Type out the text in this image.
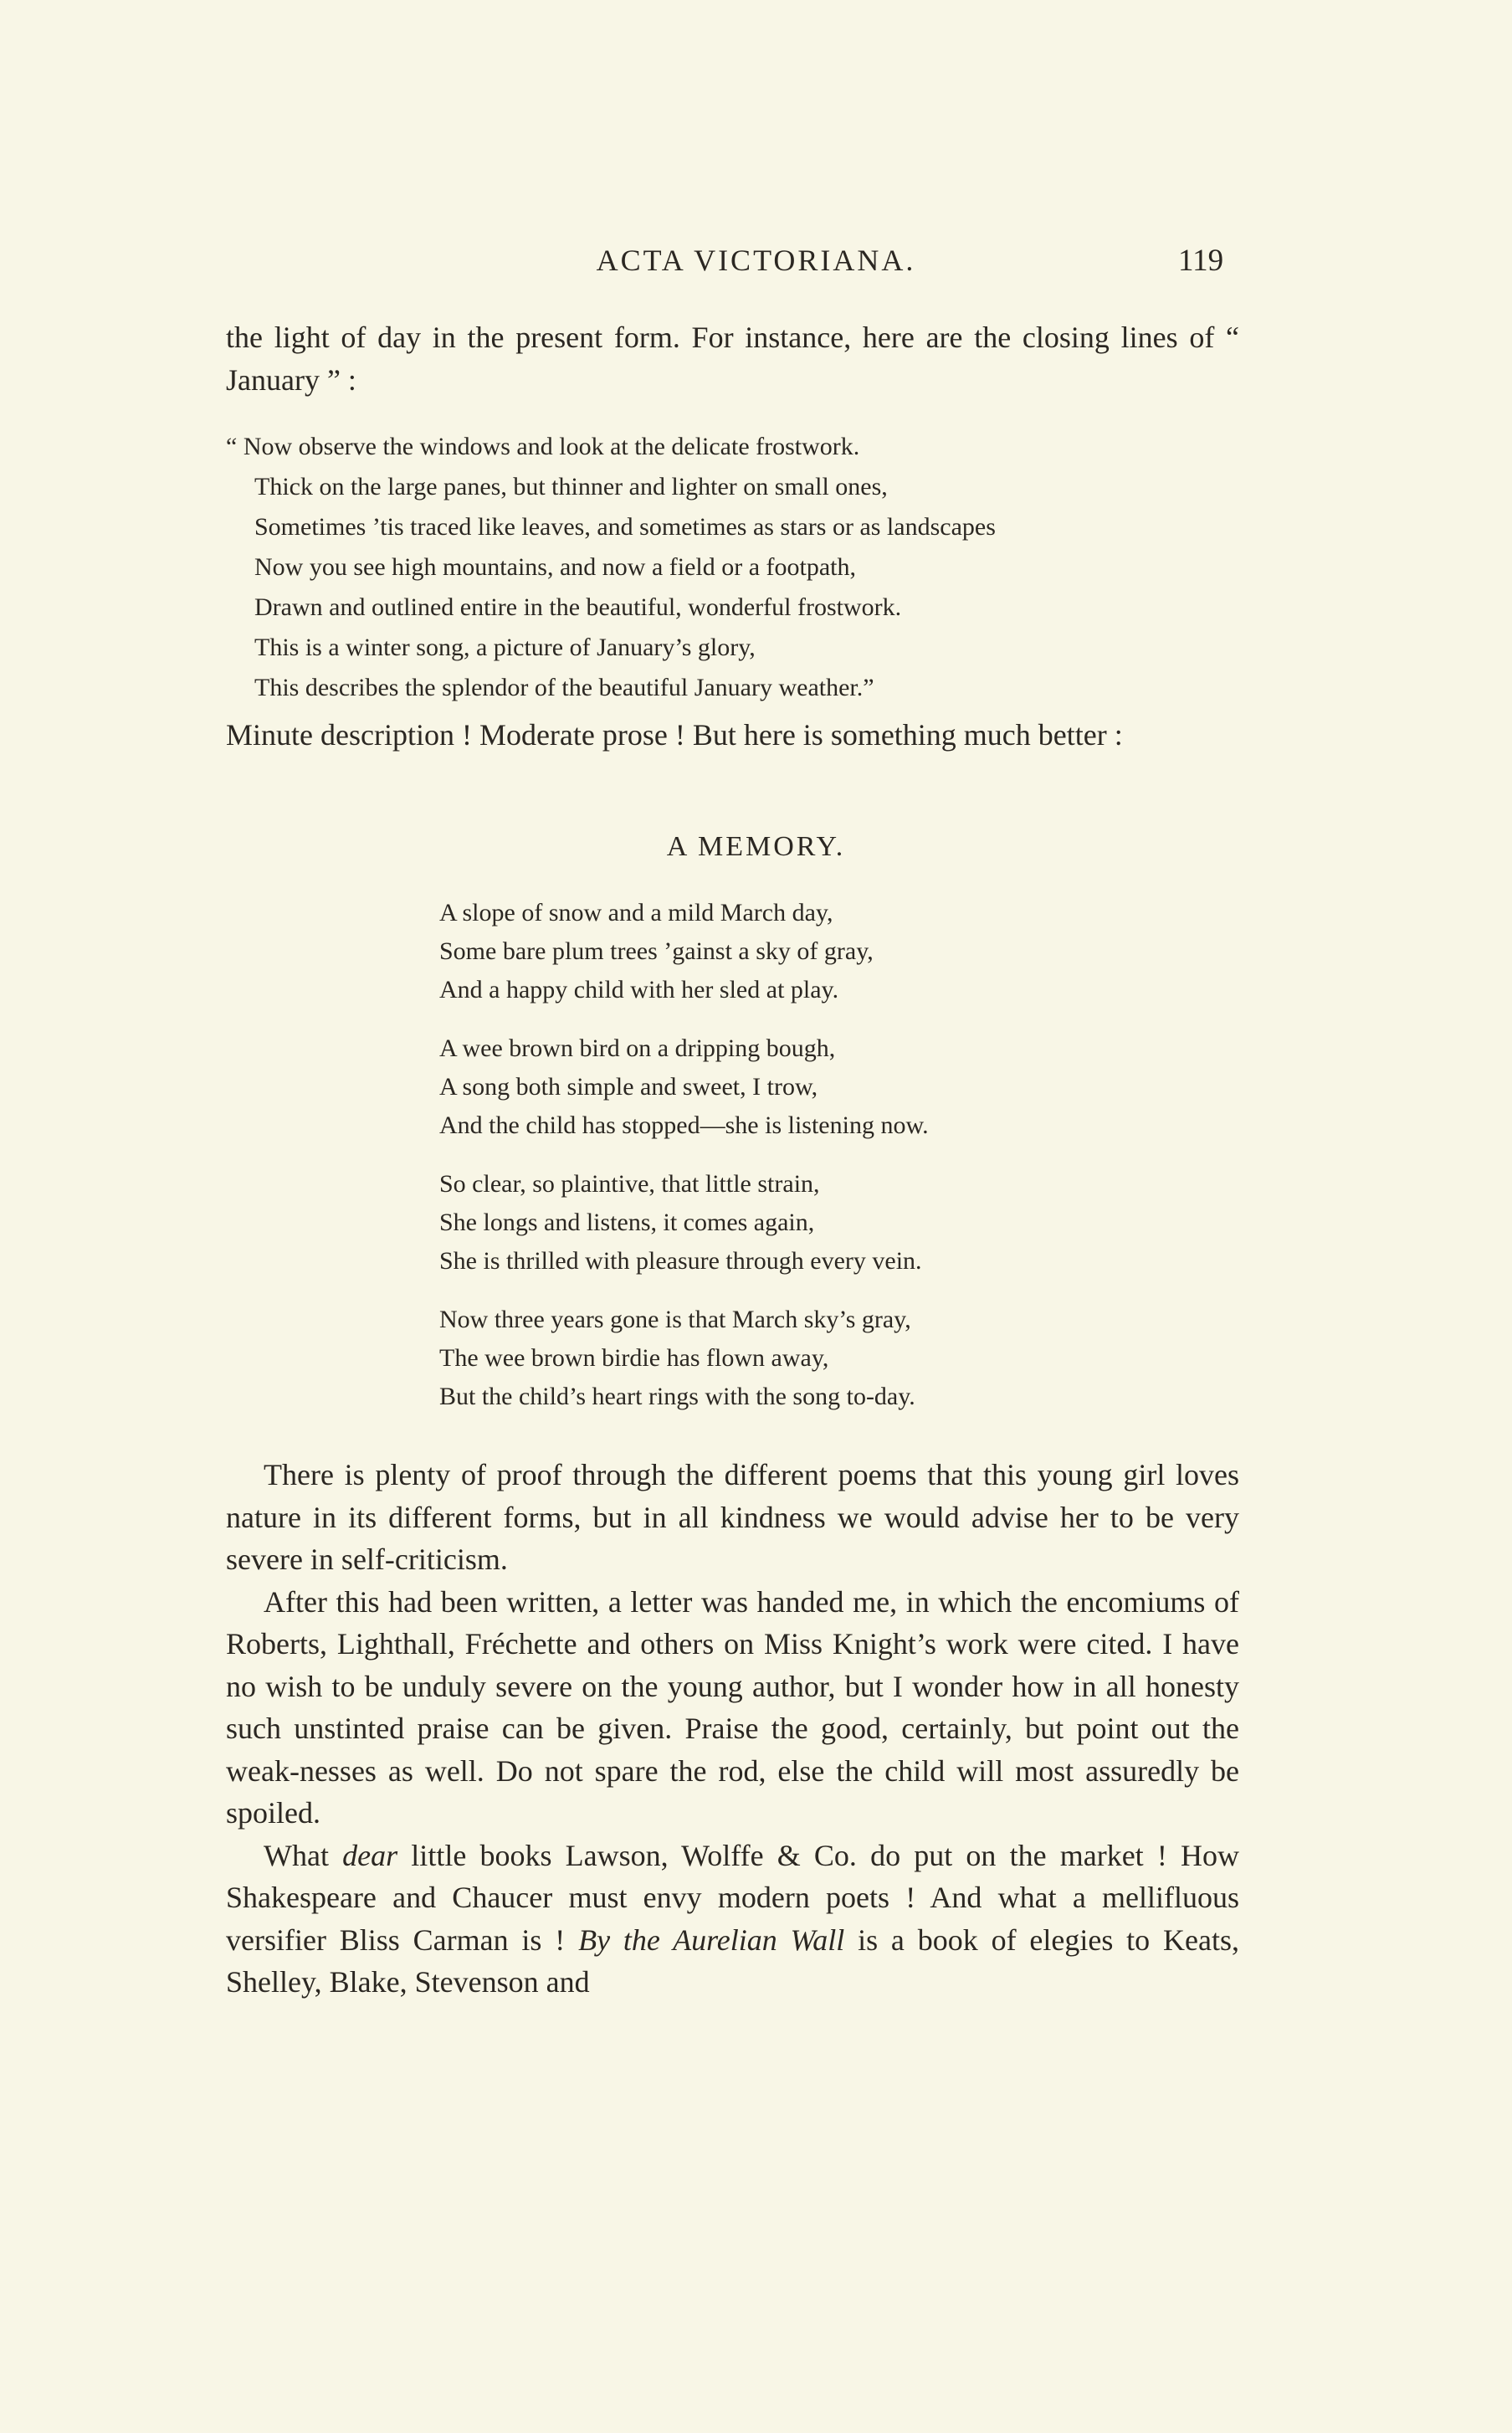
ACTA VICTORIANA.	119

the light of day in the present form. For instance, here are the closing lines of “ January ” :

“ Now observe the windows and look at the delicate frostwork.
Thick on the large panes, but thinner and lighter on small ones,
Sometimes ’tis traced like leaves, and sometimes as stars or as landscapes
Now you see high mountains, and now a field or a footpath,
Drawn and outlined entire in the beautiful, wonderful frostwork.
This is a winter song, a picture of January’s glory,
This describes the splendor of the beautiful January weather.”

Minute description ! Moderate prose ! But here is something much better :

A MEMORY.
A slope of snow and a mild March day,
Some bare plum trees ’gainst a sky of gray,
And a happy child with her sled at play.
A wee brown bird on a dripping bough,
A song both simple and sweet, I trow,
And the child has stopped—she is listening now.
So clear, so plaintive, that little strain,
She longs and listens, it comes again,
She is thrilled with pleasure through every vein.
Now three years gone is that March sky’s gray,
The wee brown birdie has flown away,
But the child’s heart rings with the song to-day.

There is plenty of proof through the different poems that this young girl loves nature in its different forms, but in all kindness we would advise her to be very severe in self-criticism.

After this had been written, a letter was handed me, in which the encomiums of Roberts, Lighthall, Fréchette and others on Miss Knight’s work were cited. I have no wish to be unduly severe on the young author, but I wonder how in all honesty such unstinted praise can be given. Praise the good, certainly, but point out the weak-nesses as well. Do not spare the rod, else the child will most assuredly be spoiled.

What dear little books Lawson, Wolffe & Co. do put on the market ! How Shakespeare and Chaucer must envy modern poets ! And what a mellifluous versifier Bliss Carman is ! By the Aurelian Wall is a book of elegies to Keats, Shelley, Blake, Stevenson and
